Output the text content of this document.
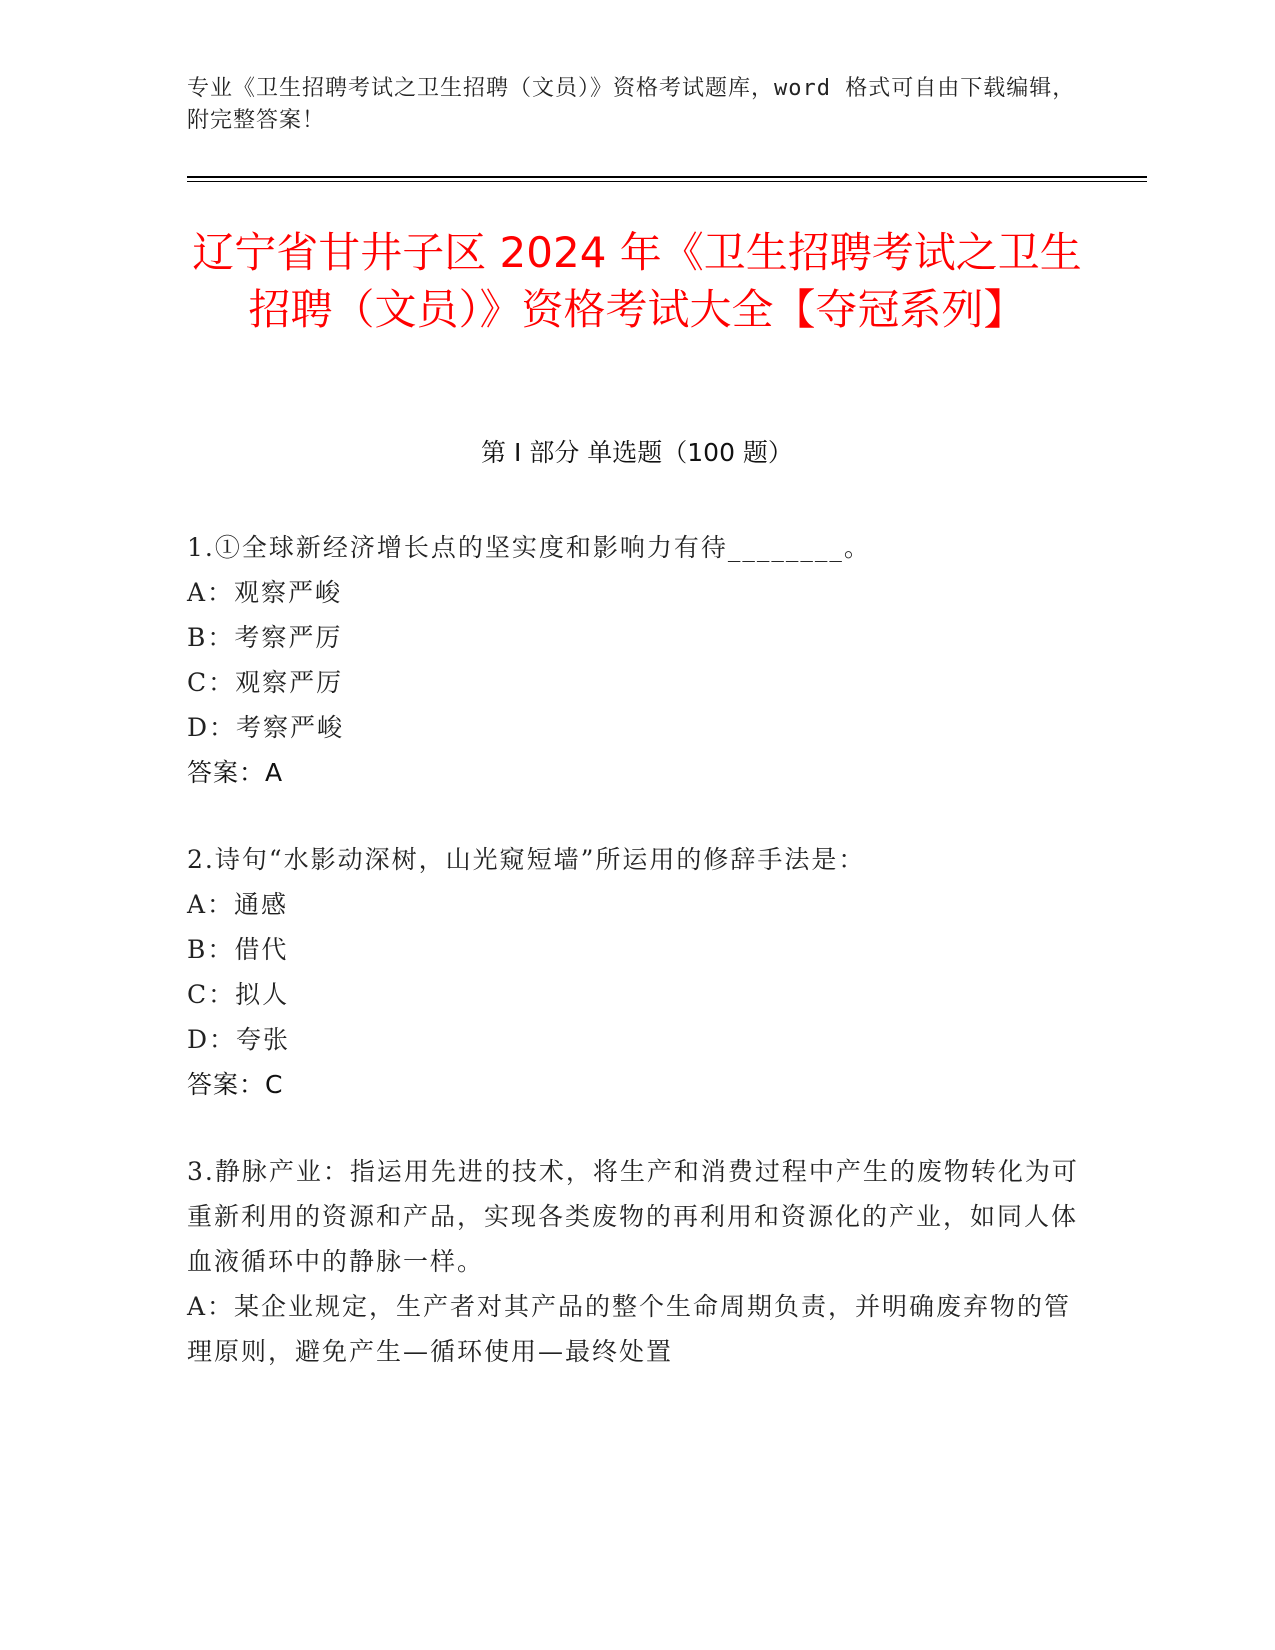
专业《卫生招聘考试之卫生招聘（文员）》资格考试题库，word 格式可自由下载编辑，附完整答案！
辽宁省甘井子区 2024 年《卫生招聘考试之卫生招聘（文员）》资格考试大全【夺冠系列】
第 I 部分 单选题（100 题）
1.①全球新经济增长点的坚实度和影响力有待________。
A：观察严峻
B：考察严厉
C：观察严厉
D：考察严峻
答案：A
2.诗句“水影动深树，山光窥短墙”所运用的修辞手法是：
A：通感
B：借代
C：拟人
D：夸张
答案：C
3.静脉产业：指运用先进的技术，将生产和消费过程中产生的废物转化为可重新利用的资源和产品，实现各类废物的再利用和资源化的产业，如同人体血液循环中的静脉一样。
A：某企业规定，生产者对其产品的整个生命周期负责，并明确废弃物的管理原则，避免产生—循环使用—最终处置
